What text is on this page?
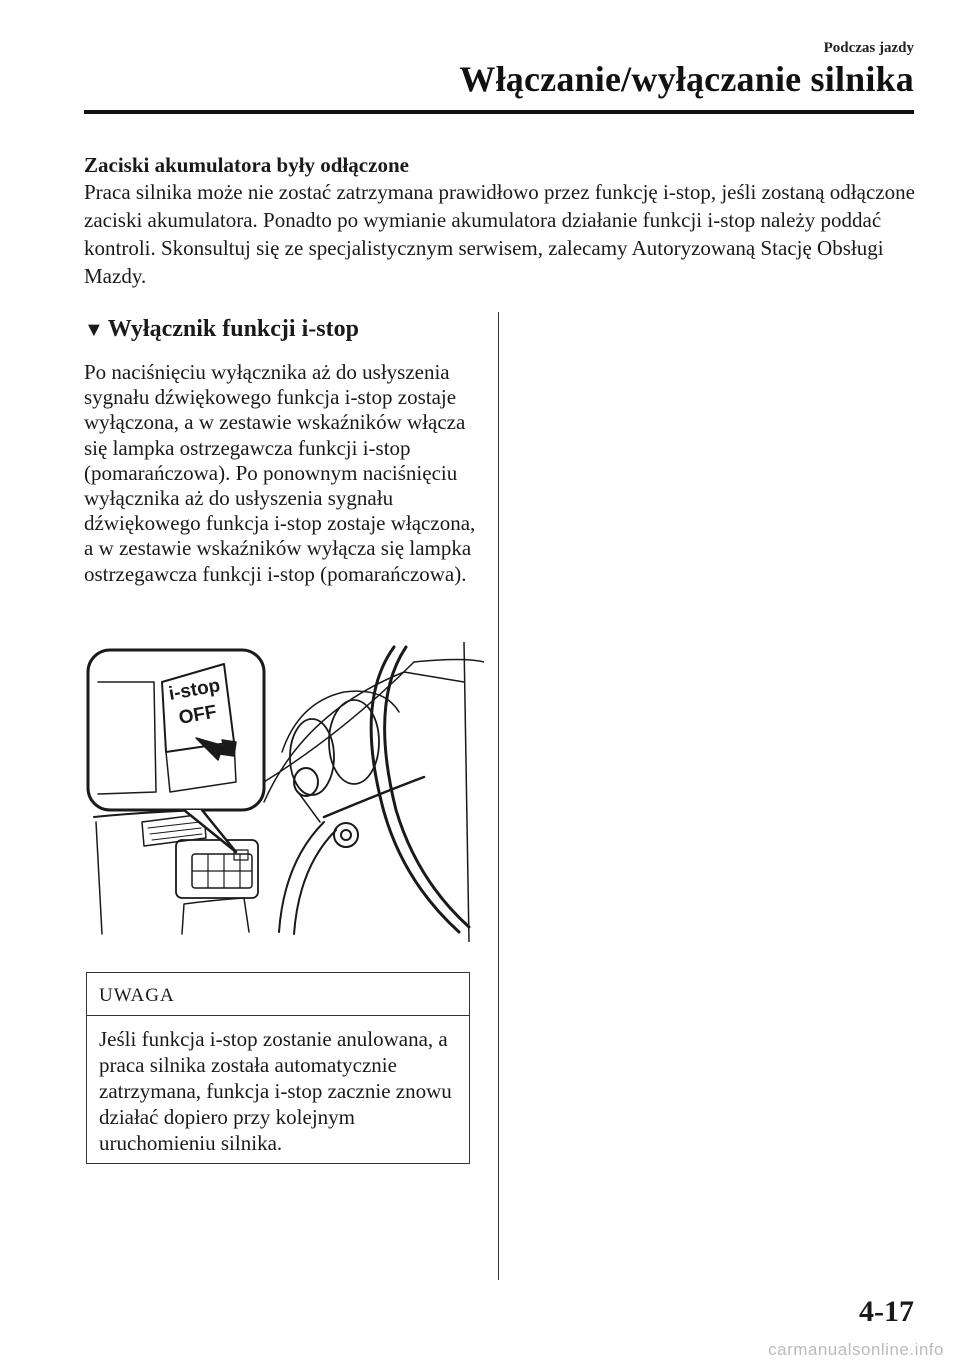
Podczas jazdy
Włączanie/wyłączanie silnika
Zaciski akumulatora były odłączone
Praca silnika może nie zostać zatrzymana prawidłowo przez funkcję i-stop, jeśli zostaną odłączone zaciski akumulatora. Ponadto po wymianie akumulatora działanie funkcji i-stop należy poddać kontroli. Skonsultuj się ze specjalistycznym serwisem, zalecamy Autoryzowaną Stację Obsługi Mazdy.
▼ Wyłącznik funkcji i-stop
Po naciśnięciu wyłącznika aż do usłyszenia sygnału dźwiękowego funkcja i-stop zostaje wyłączona, a w zestawie wskaźników włącza się lampka ostrzegawcza funkcji i-stop (pomarańczowa). Po ponownym naciśnięciu wyłącznika aż do usłyszenia sygnału dźwiękowego funkcja i-stop zostaje włączona, a w zestawie wskaźników wyłącza się lampka ostrzegawcza funkcji i-stop (pomarańczowa).
i-stop
OFF
UWAGA
Jeśli funkcja i-stop zostanie anulowana, a praca silnika została automatycznie zatrzymana, funkcja i-stop zacznie znowu działać dopiero przy kolejnym uruchomieniu silnika.
4-17
carmanualsonline.info
